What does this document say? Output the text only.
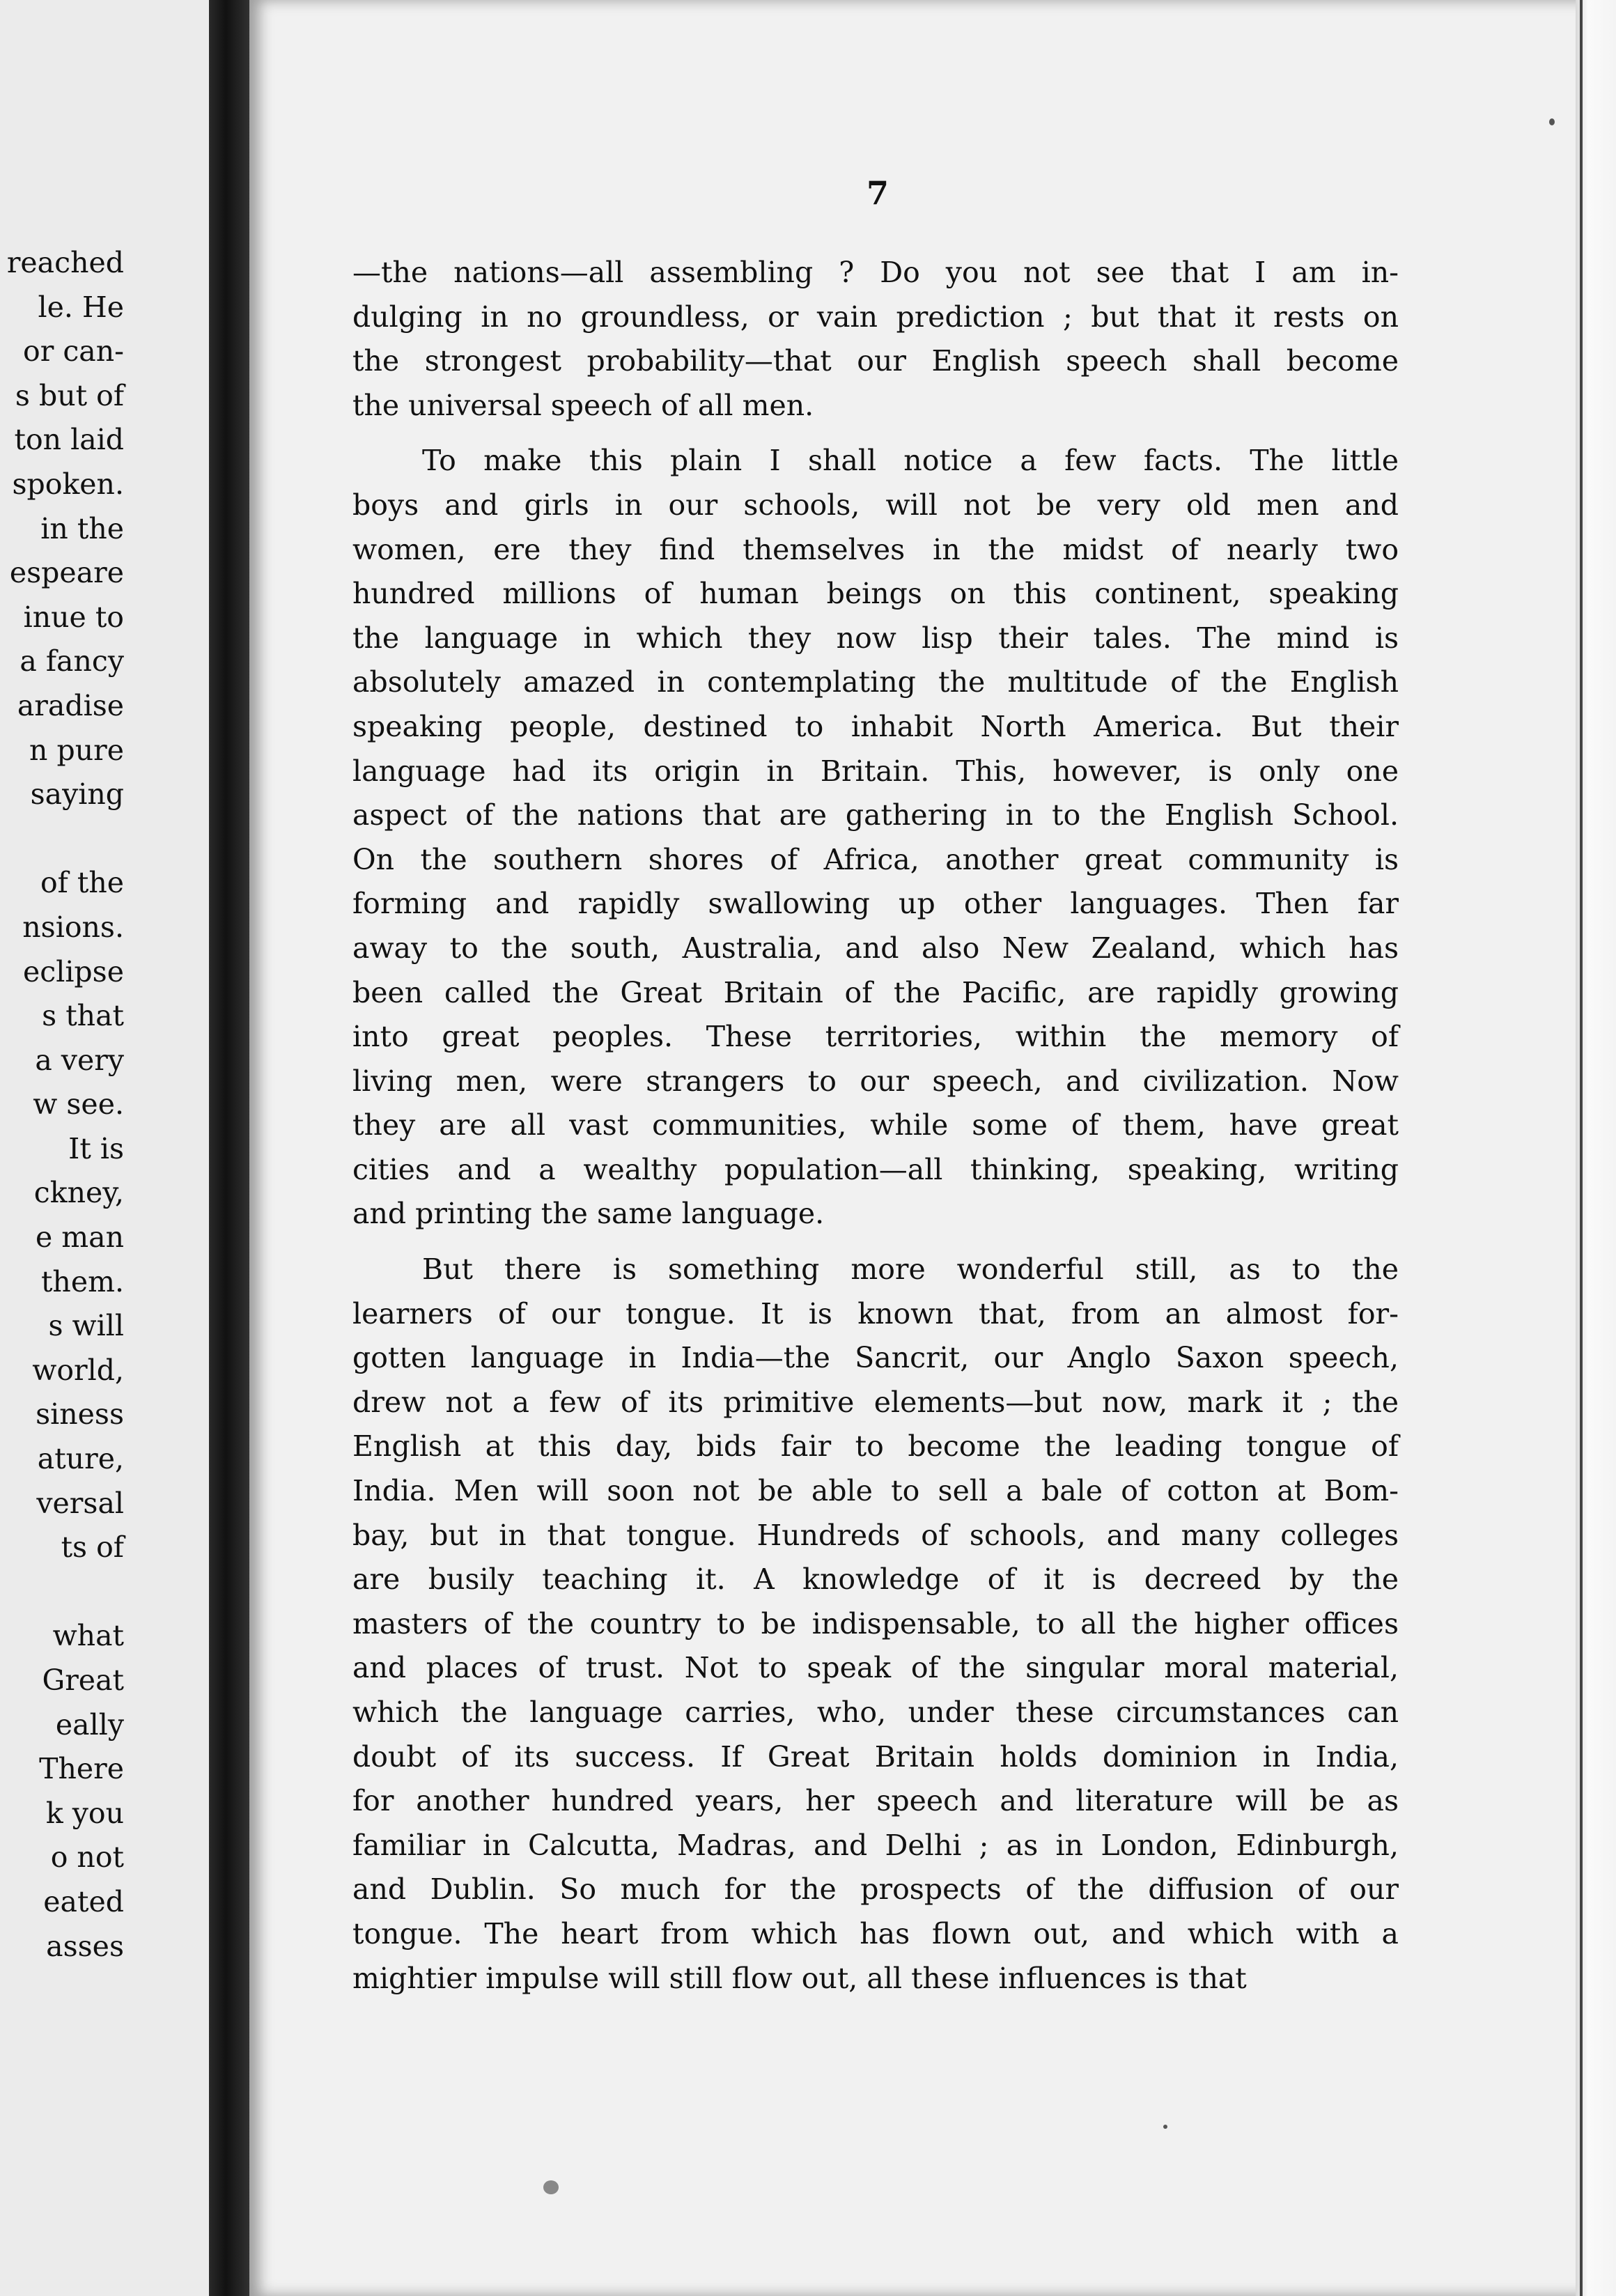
reached
le. He
or can-
s but of
ton laid
spoken.
in the
espeare
inue to
a fancy
aradise
n pure
saying
of the
nsions.
eclipse
s that
a very
w see.
It is
ckney,
e man
them.
s will
world,
siness
ature,
versal
ts of
what
Great
eally
There
k you
o not
eated
asses
7
—the nations—all assembling ? Do you not see that I am in-
dulging in no groundless, or vain prediction ; but that it rests on
the strongest probability—that our English speech shall become
the universal speech of all men.
To make this plain I shall notice a few facts. The little
boys and girls in our schools, will not be very old men and
women, ere they find themselves in the midst of nearly two
hundred millions of human beings on this continent, speaking
the language in which they now lisp their tales. The mind is
absolutely amazed in contemplating the multitude of the English
speaking people, destined to inhabit North America. But their
language had its origin in Britain. This, however, is only one
aspect of the nations that are gathering in to the English School.
On the southern shores of Africa, another great community is
forming and rapidly swallowing up other languages. Then far
away to the south, Australia, and also New Zealand, which has
been called the Great Britain of the Pacific, are rapidly growing
into great peoples. These territories, within the memory of
living men, were strangers to our speech, and civilization. Now
they are all vast communities, while some of them, have great
cities and a wealthy population—all thinking, speaking, writing
and printing the same language.
But there is something more wonderful still, as to the
learners of our tongue. It is known that, from an almost for-
gotten language in India—the Sancrit, our Anglo Saxon speech,
drew not a few of its primitive elements—but now, mark it ; the
English at this day, bids fair to become the leading tongue of
India. Men will soon not be able to sell a bale of cotton at Bom-
bay, but in that tongue. Hundreds of schools, and many colleges
are busily teaching it. A knowledge of it is decreed by the
masters of the country to be indispensable, to all the higher offices
and places of trust. Not to speak of the singular moral material,
which the language carries, who, under these circumstances can
doubt of its success. If Great Britain holds dominion in India,
for another hundred years, her speech and literature will be as
familiar in Calcutta, Madras, and Delhi ; as in London, Edinburgh,
and Dublin. So much for the prospects of the diffusion of our
tongue. The heart from which has flown out, and which with a
mightier impulse will still flow out, all these influences is that
